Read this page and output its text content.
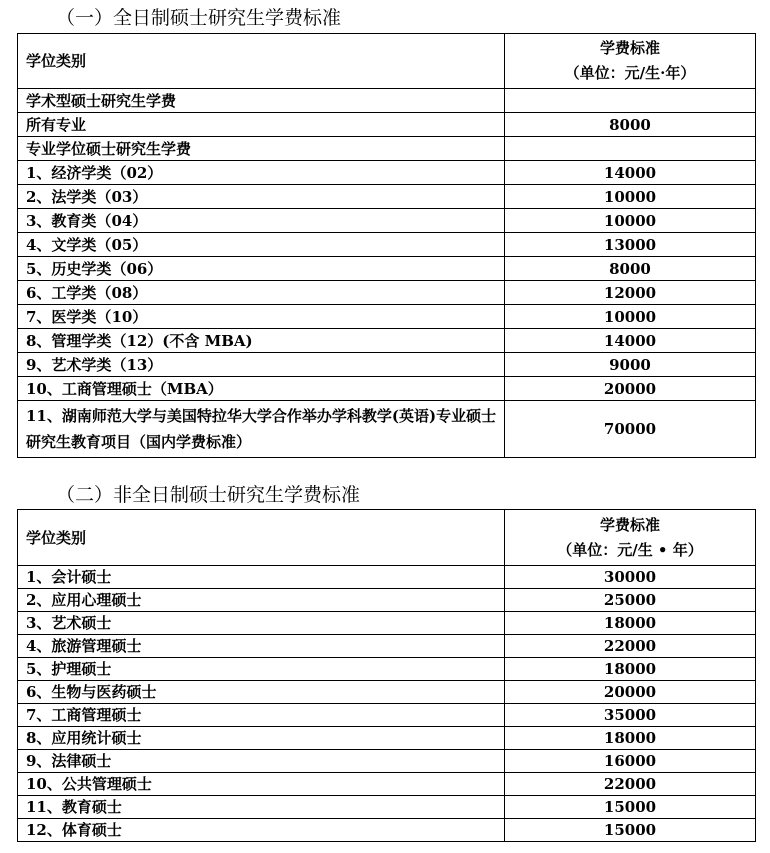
（一）全日制硕士研究生学费标准
学位类别	学费标准
（单位：元/生·年）

学术型硕士研究生学费	
所有专业	8000
专业学位硕士研究生学费	
1、经济学类（02）	14000
2、法学类（03）	10000
3、教育类（04）	10000
4、文学类（05）	13000
5、历史学类（06）	8000
6、工学类（08）	12000
7、医学类（10）	10000
8、管理学类（12）(不含 MBA)	14000
9、艺术学类（13）	9000
10、工商管理硕士（MBA）	20000
11、湖南师范大学与美国特拉华大学合作举办学科教学(英语)专业硕士研究生教育项目（国内学费标准）	70000
（二）非全日制硕士研究生学费标准
学位类别	学费标准
（单位：元/生 • 年）

1、会计硕士	30000
2、应用心理硕士	25000
3、艺术硕士	18000
4、旅游管理硕士	22000
5、护理硕士	18000
6、生物与医药硕士	20000
7、工商管理硕士	35000
8、应用统计硕士	18000
9、法律硕士	16000
10、公共管理硕士	22000
11、教育硕士	15000
12、体育硕士	15000
